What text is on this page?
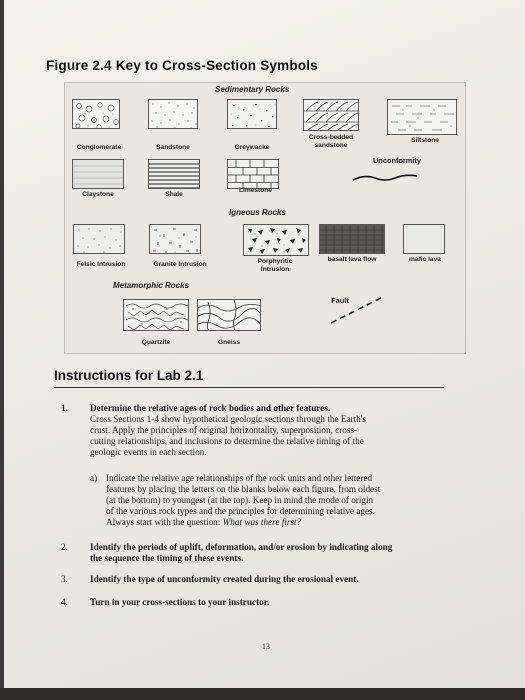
Figure 2.4 Key to Cross-Section Symbols
Sedimentary Rocks
Conglomerate	Sandstone	Greywacke
Cross-bedded sandstone
Siltstone
Unconformity
Claystone	Shale
Limestone
Igneous Rocks
Felsic Intrusion	Granite Intrusion	Porphyritic Intrusion
basalt lava flow	mafic lava
Metamorphic Rocks
Quartzite	Gneiss
Fault
Instructions for Lab 2.1
1. Determine the relative ages of rock bodies and other features.
Cross Sections 1-4 show hypothetical geologic sections through the Earth's
crust. Apply the principles of original horizontality, superposition, cross-
cutting relationships, and inclusions to determine the relative timing of the
geologic events in each section.
a) Indicate the relative age relationships of the rock units and other lettered
features by placing the letters on the blanks below each figure, from oldest
(at the bottom) to youngest (at the top). Keep in mind the mode of origin
of the various rock types and the principles for determining relative ages.
Always start with the question: What was there first?
2. Identify the periods of uplift, deformation, and/or erosion by indicating along
the sequence the timing of these events.
3. Identify the type of unconformity created during the erosional event.
4. Turn in your cross-sections to your instructor.
13
